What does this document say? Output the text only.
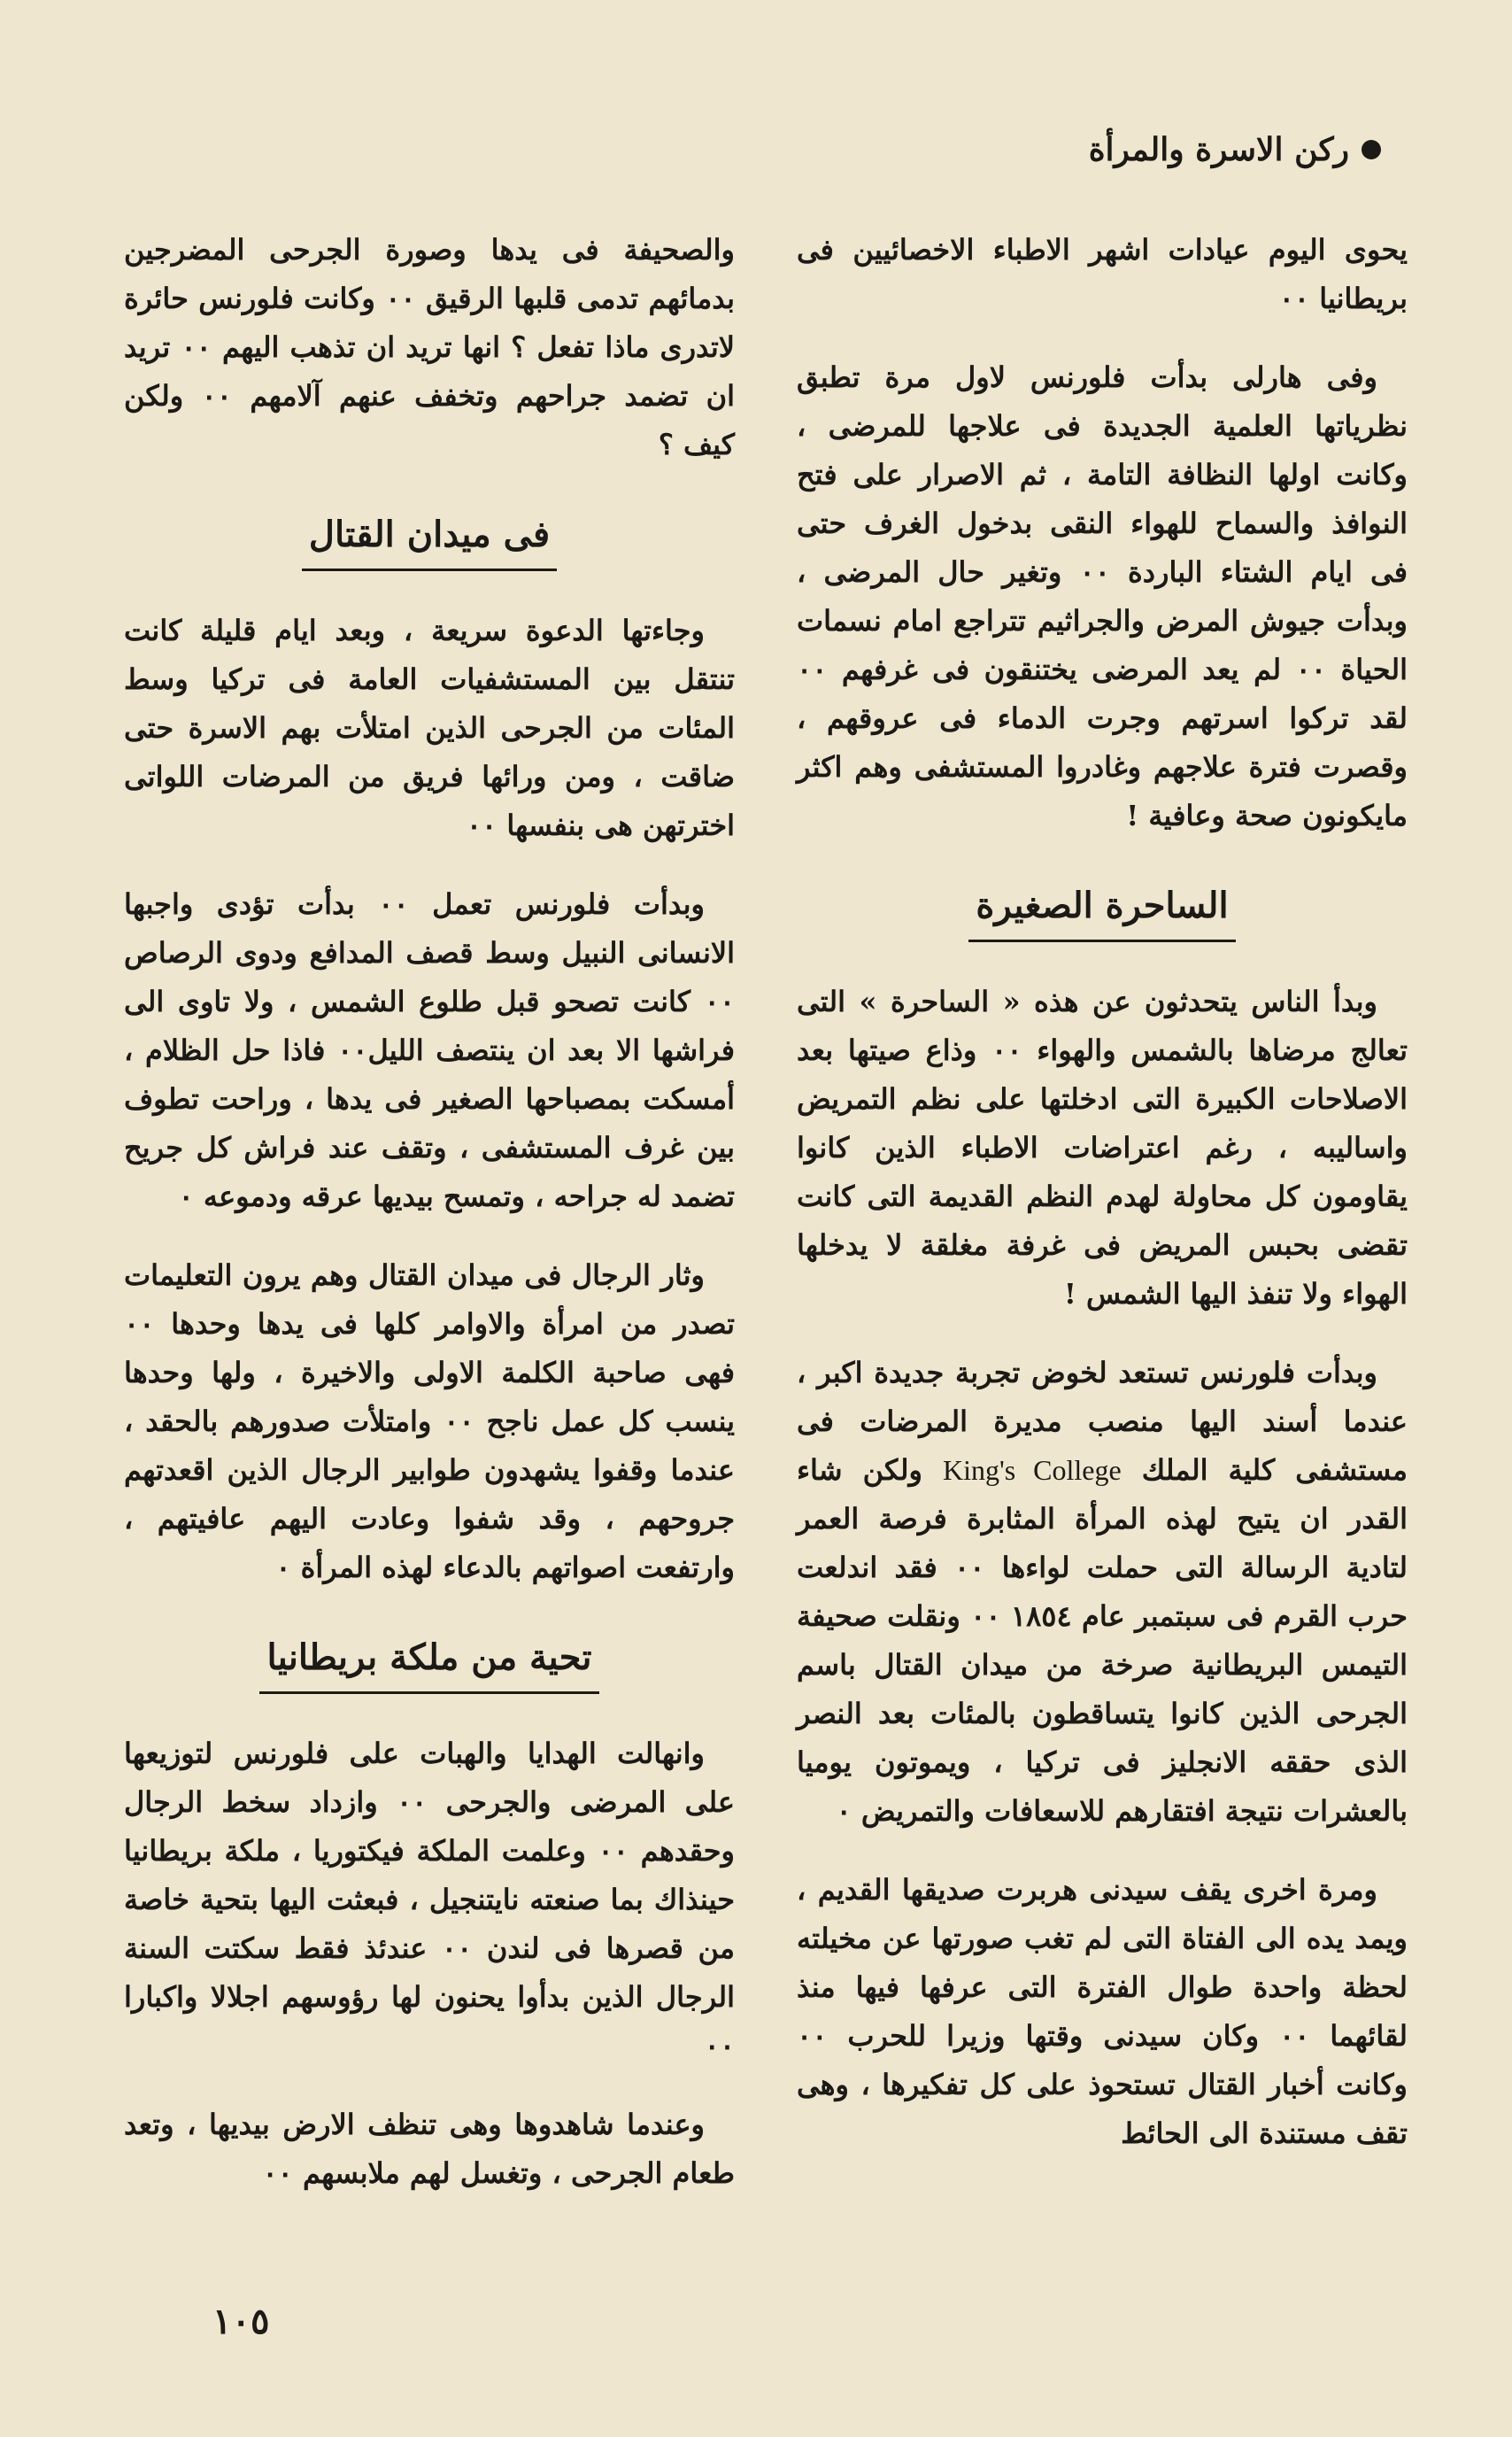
ركن الاسرة والمرأة

يحوى اليوم عيادات اشهر الاطباء الاخصائيين فى بريطانيا ٠٠

وفى هارلى بدأت فلورنس لاول مرة تطبق نظرياتها العلمية الجديدة فى علاجها للمرضى ، وكانت اولها النظافة التامة ، ثم الاصرار على فتح النوافذ والسماح للهواء النقى بدخول الغرف حتى فى ايام الشتاء الباردة ٠٠ وتغير حال المرضى ، وبدأت جيوش المرض والجراثيم تتراجع امام نسمات الحياة ٠٠ لم يعد المرضى يختنقون فى غرفهم ٠٠ لقد تركوا اسرتهم وجرت الدماء فى عروقهم ، وقصرت فترة علاجهم وغادروا المستشفى وهم اكثر مايكونون صحة وعافية !

الساحرة الصغيرة

وبدأ الناس يتحدثون عن هذه « الساحرة » التى تعالج مرضاها بالشمس والهواء ٠٠ وذاع صيتها بعد الاصلاحات الكبيرة التى ادخلتها على نظم التمريض واساليبه ، رغم اعتراضات الاطباء الذين كانوا يقاومون كل محاولة لهدم النظم القديمة التى كانت تقضى بحبس المريض فى غرفة مغلقة لا يدخلها الهواء ولا تنفذ اليها الشمس !

وبدأت فلورنس تستعد لخوض تجربة جديدة اكبر ، عندما أسند اليها منصب مديرة المرضات فى مستشفى كلية الملك King's College ولكن شاء القدر ان يتيح لهذه المرأة المثابرة فرصة العمر لتادية الرسالة التى حملت لواءها ٠٠ فقد اندلعت حرب القرم فى سبتمبر عام ١٨٥٤ ٠٠ ونقلت صحيفة التيمس البريطانية صرخة من ميدان القتال باسم الجرحى الذين كانوا يتساقطون بالمئات بعد النصر الذى حققه الانجليز فى تركيا ، ويموتون يوميا بالعشرات نتيجة افتقارهم للاسعافات والتمريض ٠

ومرة اخرى يقف سيدنى هربرت صديقها القديم ، ويمد يده الى الفتاة التى لم تغب صورتها عن مخيلته لحظة واحدة طوال الفترة التى عرفها فيها منذ لقائهما ٠٠ وكان سيدنى وقتها وزيرا للحرب ٠٠ وكانت أخبار القتال تستحوذ على كل تفكيرها ، وهى تقف مستندة الى الحائط

والصحيفة فى يدها وصورة الجرحى المضرجين بدمائهم تدمى قلبها الرقيق ٠٠ وكانت فلورنس حائرة لاتدرى ماذا تفعل ؟ انها تريد ان تذهب اليهم ٠٠ تريد ان تضمد جراحهم وتخفف عنهم آلامهم ٠٠ ولكن كيف ؟

فى ميدان القتال

وجاءتها الدعوة سريعة ، وبعد ايام قليلة كانت تنتقل بين المستشفيات العامة فى تركيا وسط المئات من الجرحى الذين امتلأت بهم الاسرة حتى ضاقت ، ومن ورائها فريق من المرضات اللواتى اخترتهن هى بنفسها ٠٠

وبدأت فلورنس تعمل ٠٠ بدأت تؤدى واجبها الانسانى النبيل وسط قصف المدافع ودوى الرصاص ٠٠ كانت تصحو قبل طلوع الشمس ، ولا تاوى الى فراشها الا بعد ان ينتصف الليل٠٠ فاذا حل الظلام ، أمسكت بمصباحها الصغير فى يدها ، وراحت تطوف بين غرف المستشفى ، وتقف عند فراش كل جريح تضمد له جراحه ، وتمسح بيديها عرقه ودموعه ٠

وثار الرجال فى ميدان القتال وهم يرون التعليمات تصدر من امرأة والاوامر كلها فى يدها وحدها ٠٠ فهى صاحبة الكلمة الاولى والاخيرة ، ولها وحدها ينسب كل عمل ناجح ٠٠ وامتلأت صدورهم بالحقد ، عندما وقفوا يشهدون طوابير الرجال الذين اقعدتهم جروحهم ، وقد شفوا وعادت اليهم عافيتهم ، وارتفعت اصواتهم بالدعاء لهذه المرأة ٠

تحية من ملكة بريطانيا

وانهالت الهدايا والهبات على فلورنس لتوزيعها على المرضى والجرحى ٠٠ وازداد سخط الرجال وحقدهم ٠٠ وعلمت الملكة فيكتوريا ، ملكة بريطانيا حينذاك بما صنعته نايتنجيل ، فبعثت اليها بتحية خاصة من قصرها فى لندن ٠٠ عندئذ فقط سكتت السنة الرجال الذين بدأوا يحنون لها رؤوسهم اجلالا واكبارا ٠٠

وعندما شاهدوها وهى تنظف الارض بيديها ، وتعد طعام الجرحى ، وتغسل لهم ملابسهم ٠٠

١٠٥
